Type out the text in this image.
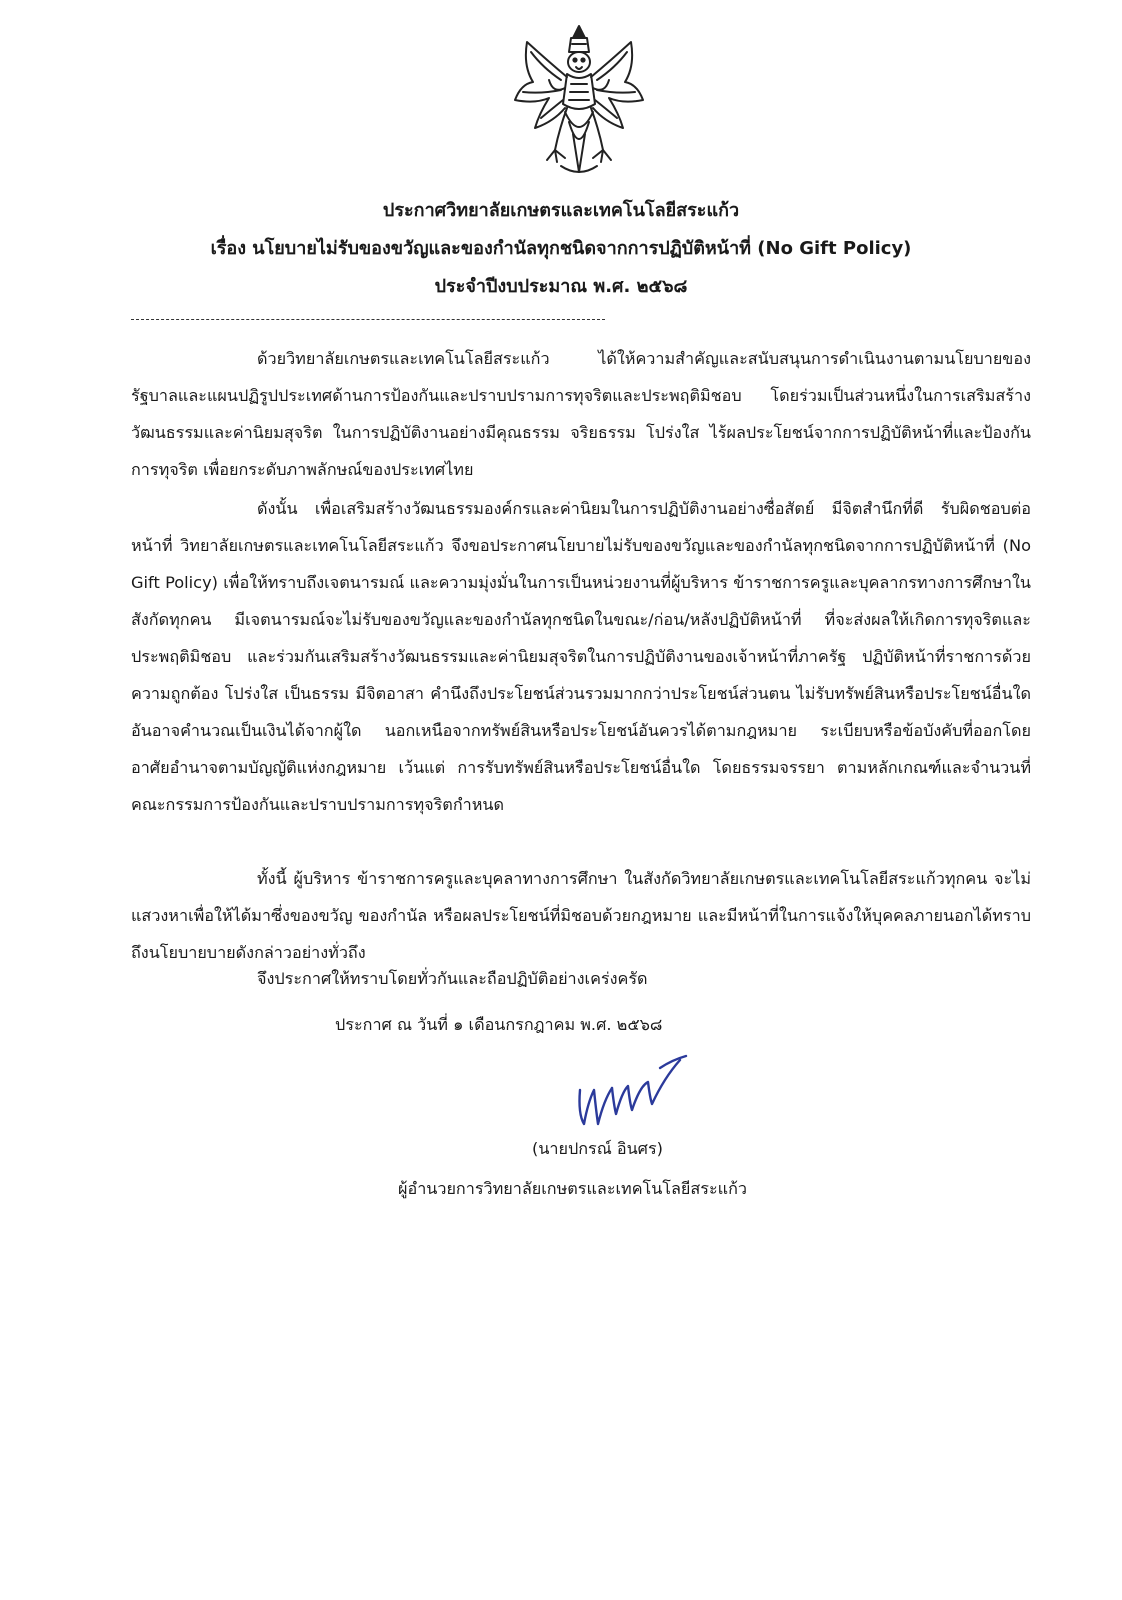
ประกาศวิทยาลัยเกษตรและเทคโนโลยีสระแก้ว
เรื่อง นโยบายไม่รับของขวัญและของกำนัลทุกชนิดจากการปฏิบัติหน้าที่ (No Gift Policy)
ประจำปีงบประมาณ พ.ศ. ๒๕๖๘

ด้วยวิทยาลัยเกษตรและเทคโนโลยีสระแก้ว ได้ให้ความสำคัญและสนับสนุนการดำเนินงานตามนโยบายของรัฐบาลและแผนปฏิรูปประเทศด้านการป้องกันและปราบปรามการทุจริตและประพฤติมิชอบ โดยร่วมเป็นส่วนหนึ่งในการเสริมสร้างวัฒนธรรมและค่านิยมสุจริต ในการปฏิบัติงานอย่างมีคุณธรรม จริยธรรม โปร่งใส ไร้ผลประโยชน์จากการปฏิบัติหน้าที่และป้องกันการทุจริต เพื่อยกระดับภาพลักษณ์ของประเทศไทย

ดังนั้น เพื่อเสริมสร้างวัฒนธรรมองค์กรและค่านิยมในการปฏิบัติงานอย่างซื่อสัตย์ มีจิตสำนึกที่ดี รับผิดชอบต่อหน้าที่ วิทยาลัยเกษตรและเทคโนโลยีสระแก้ว จึงขอประกาศนโยบายไม่รับของขวัญและของกำนัลทุกชนิดจากการปฏิบัติหน้าที่ (No Gift Policy) เพื่อให้ทราบถึงเจตนารมณ์ และความมุ่งมั่นในการเป็นหน่วยงานที่ผู้บริหาร ข้าราชการครูและบุคลากรทางการศึกษาในสังกัดทุกคน มีเจตนารมณ์จะไม่รับของขวัญและของกำนัลทุกชนิดในขณะ/ก่อน/หลังปฏิบัติหน้าที่ ที่จะส่งผลให้เกิดการทุจริตและประพฤติมิชอบ และร่วมกันเสริมสร้างวัฒนธรรมและค่านิยมสุจริตในการปฏิบัติงานของเจ้าหน้าที่ภาครัฐ ปฏิบัติหน้าที่ราชการด้วยความถูกต้อง โปร่งใส เป็นธรรม มีจิตอาสา คำนึงถึงประโยชน์ส่วนรวมมากกว่าประโยชน์ส่วนตน ไม่รับทรัพย์สินหรือประโยชน์อื่นใดอันอาจคำนวณเป็นเงินได้จากผู้ใด นอกเหนือจากทรัพย์สินหรือประโยชน์อันควรได้ตามกฎหมาย ระเบียบหรือข้อบังคับที่ออกโดยอาศัยอำนาจตามบัญญัติแห่งกฎหมาย เว้นแต่ การรับทรัพย์สินหรือประโยชน์อื่นใด โดยธรรมจรรยา ตามหลักเกณฑ์และจำนวนที่คณะกรรมการป้องกันและปราบปรามการทุจริตกำหนด

ทั้งนี้ ผู้บริหาร ข้าราชการครูและบุคลาทางการศึกษา ในสังกัดวิทยาลัยเกษตรและเทคโนโลยีสระแก้วทุกคน จะไม่แสวงหาเพื่อให้ได้มาซึ่งของขวัญ ของกำนัล หรือผลประโยชน์ที่มิชอบด้วยกฎหมาย และมีหน้าที่ในการแจ้งให้บุคคลภายนอกได้ทราบถึงนโยบายบายดังกล่าวอย่างทั่วถึง

จึงประกาศให้ทราบโดยทั่วกันและถือปฏิบัติอย่างเคร่งครัด
ประกาศ ณ วันที่ ๑ เดือนกรกฎาคม พ.ศ. ๒๕๖๘
(นายปกรณ์ อินศร)
ผู้อำนวยการวิทยาลัยเกษตรและเทคโนโลยีสระแก้ว
